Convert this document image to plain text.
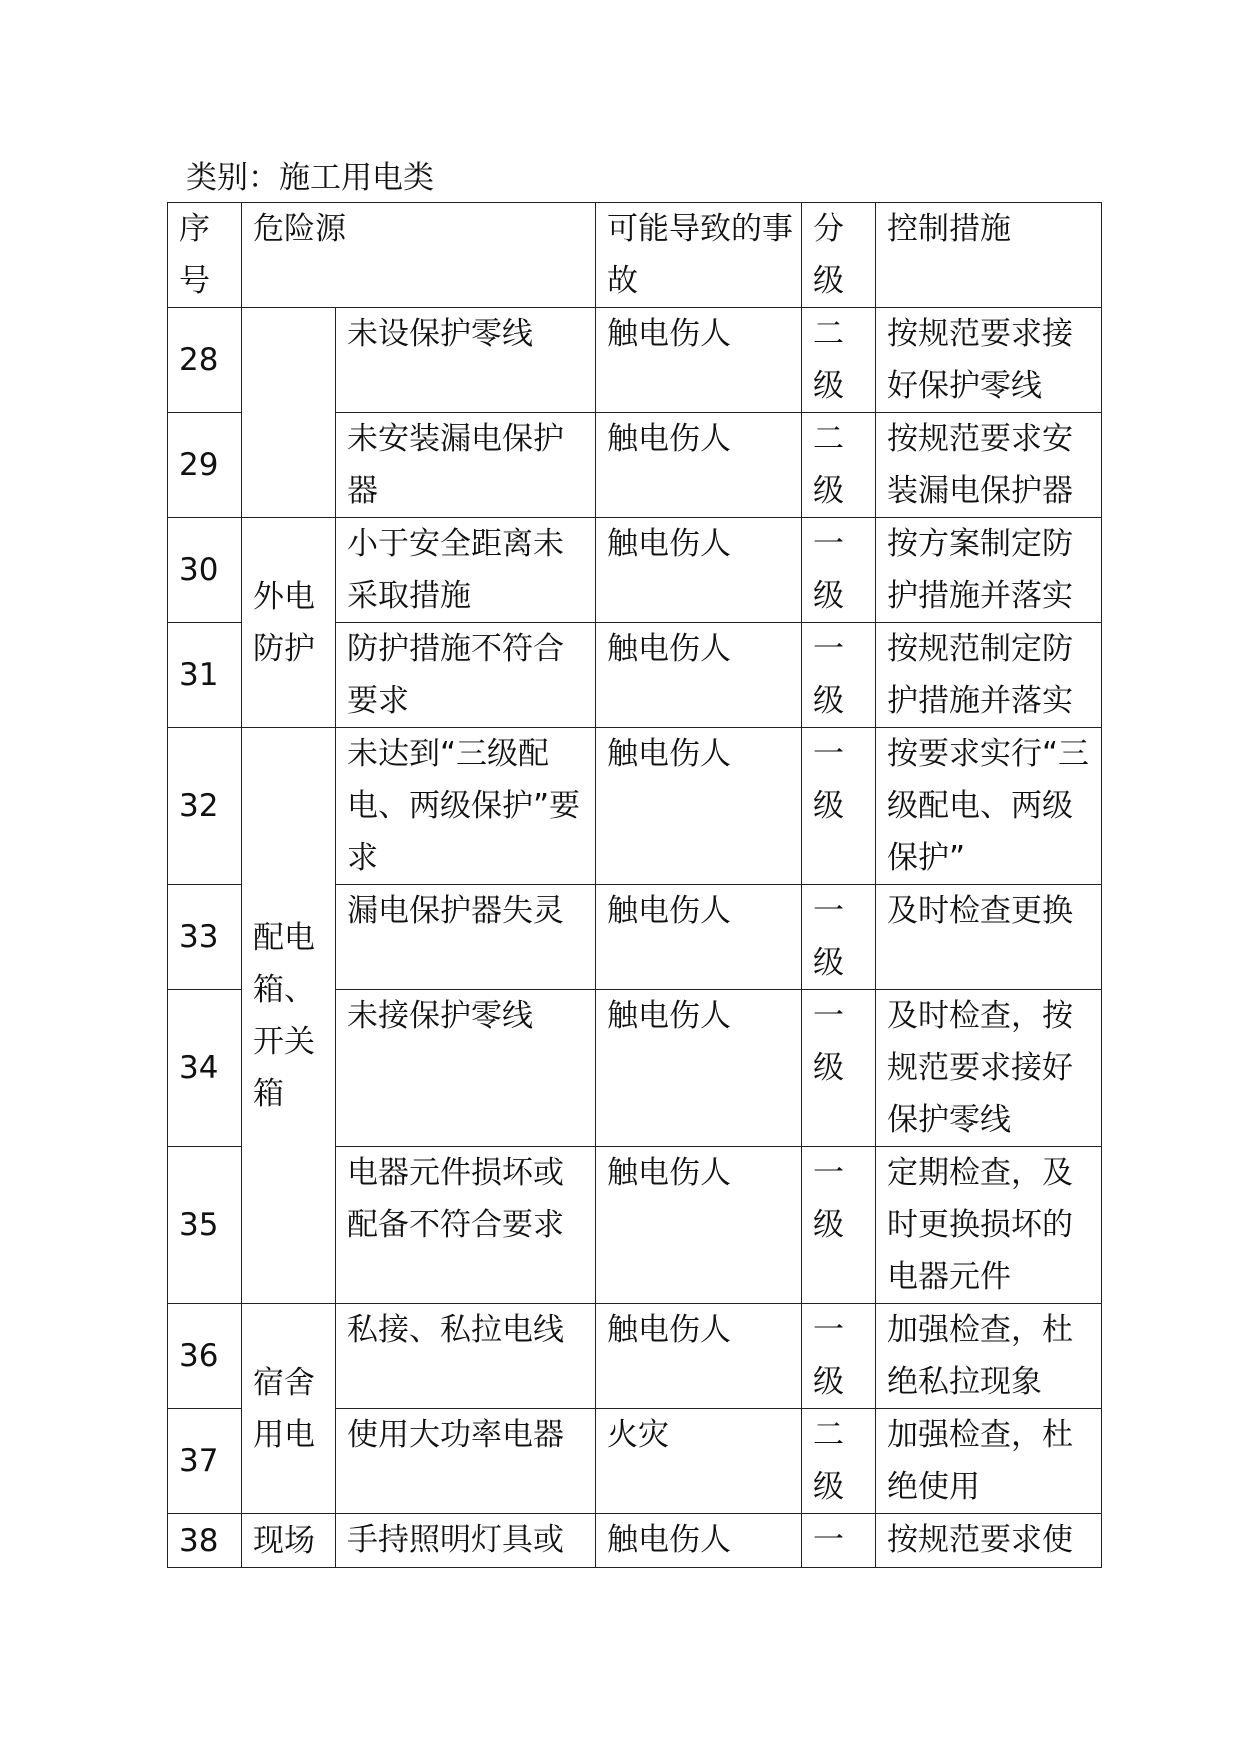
类别：施工用电类
序号	危险源		可能导致的事故	分级	控制措施
28		未设保护零线	触电伤人	二级	按规范要求接好保护零线
29		未安装漏电保护器	触电伤人	二级	按规范要求安装漏电保护器
30	外电防护	小于安全距离未采取措施	触电伤人	一级	按方案制定防护措施并落实
31		防护措施不符合要求	触电伤人	一级	按规范制定防护措施并落实
32	配电箱、开关箱	未达到“三级配电、两级保护”要求	触电伤人	一级	按要求实行“三级配电、两级保护”
33		漏电保护器失灵	触电伤人	一级	及时检查更换
34		未接保护零线	触电伤人	一级	及时检查，按规范要求接好保护零线
35		电器元件损坏或配备不符合要求	触电伤人	一级	定期检查，及时更换损坏的电器元件
36	宿舍用电	私接、私拉电线	触电伤人	一级	加强检查，杜绝私拉现象
37		使用大功率电器	火灾	二级	加强检查，杜绝使用
38	现场	手持照明灯具或	触电伤人	一	按规范要求使
